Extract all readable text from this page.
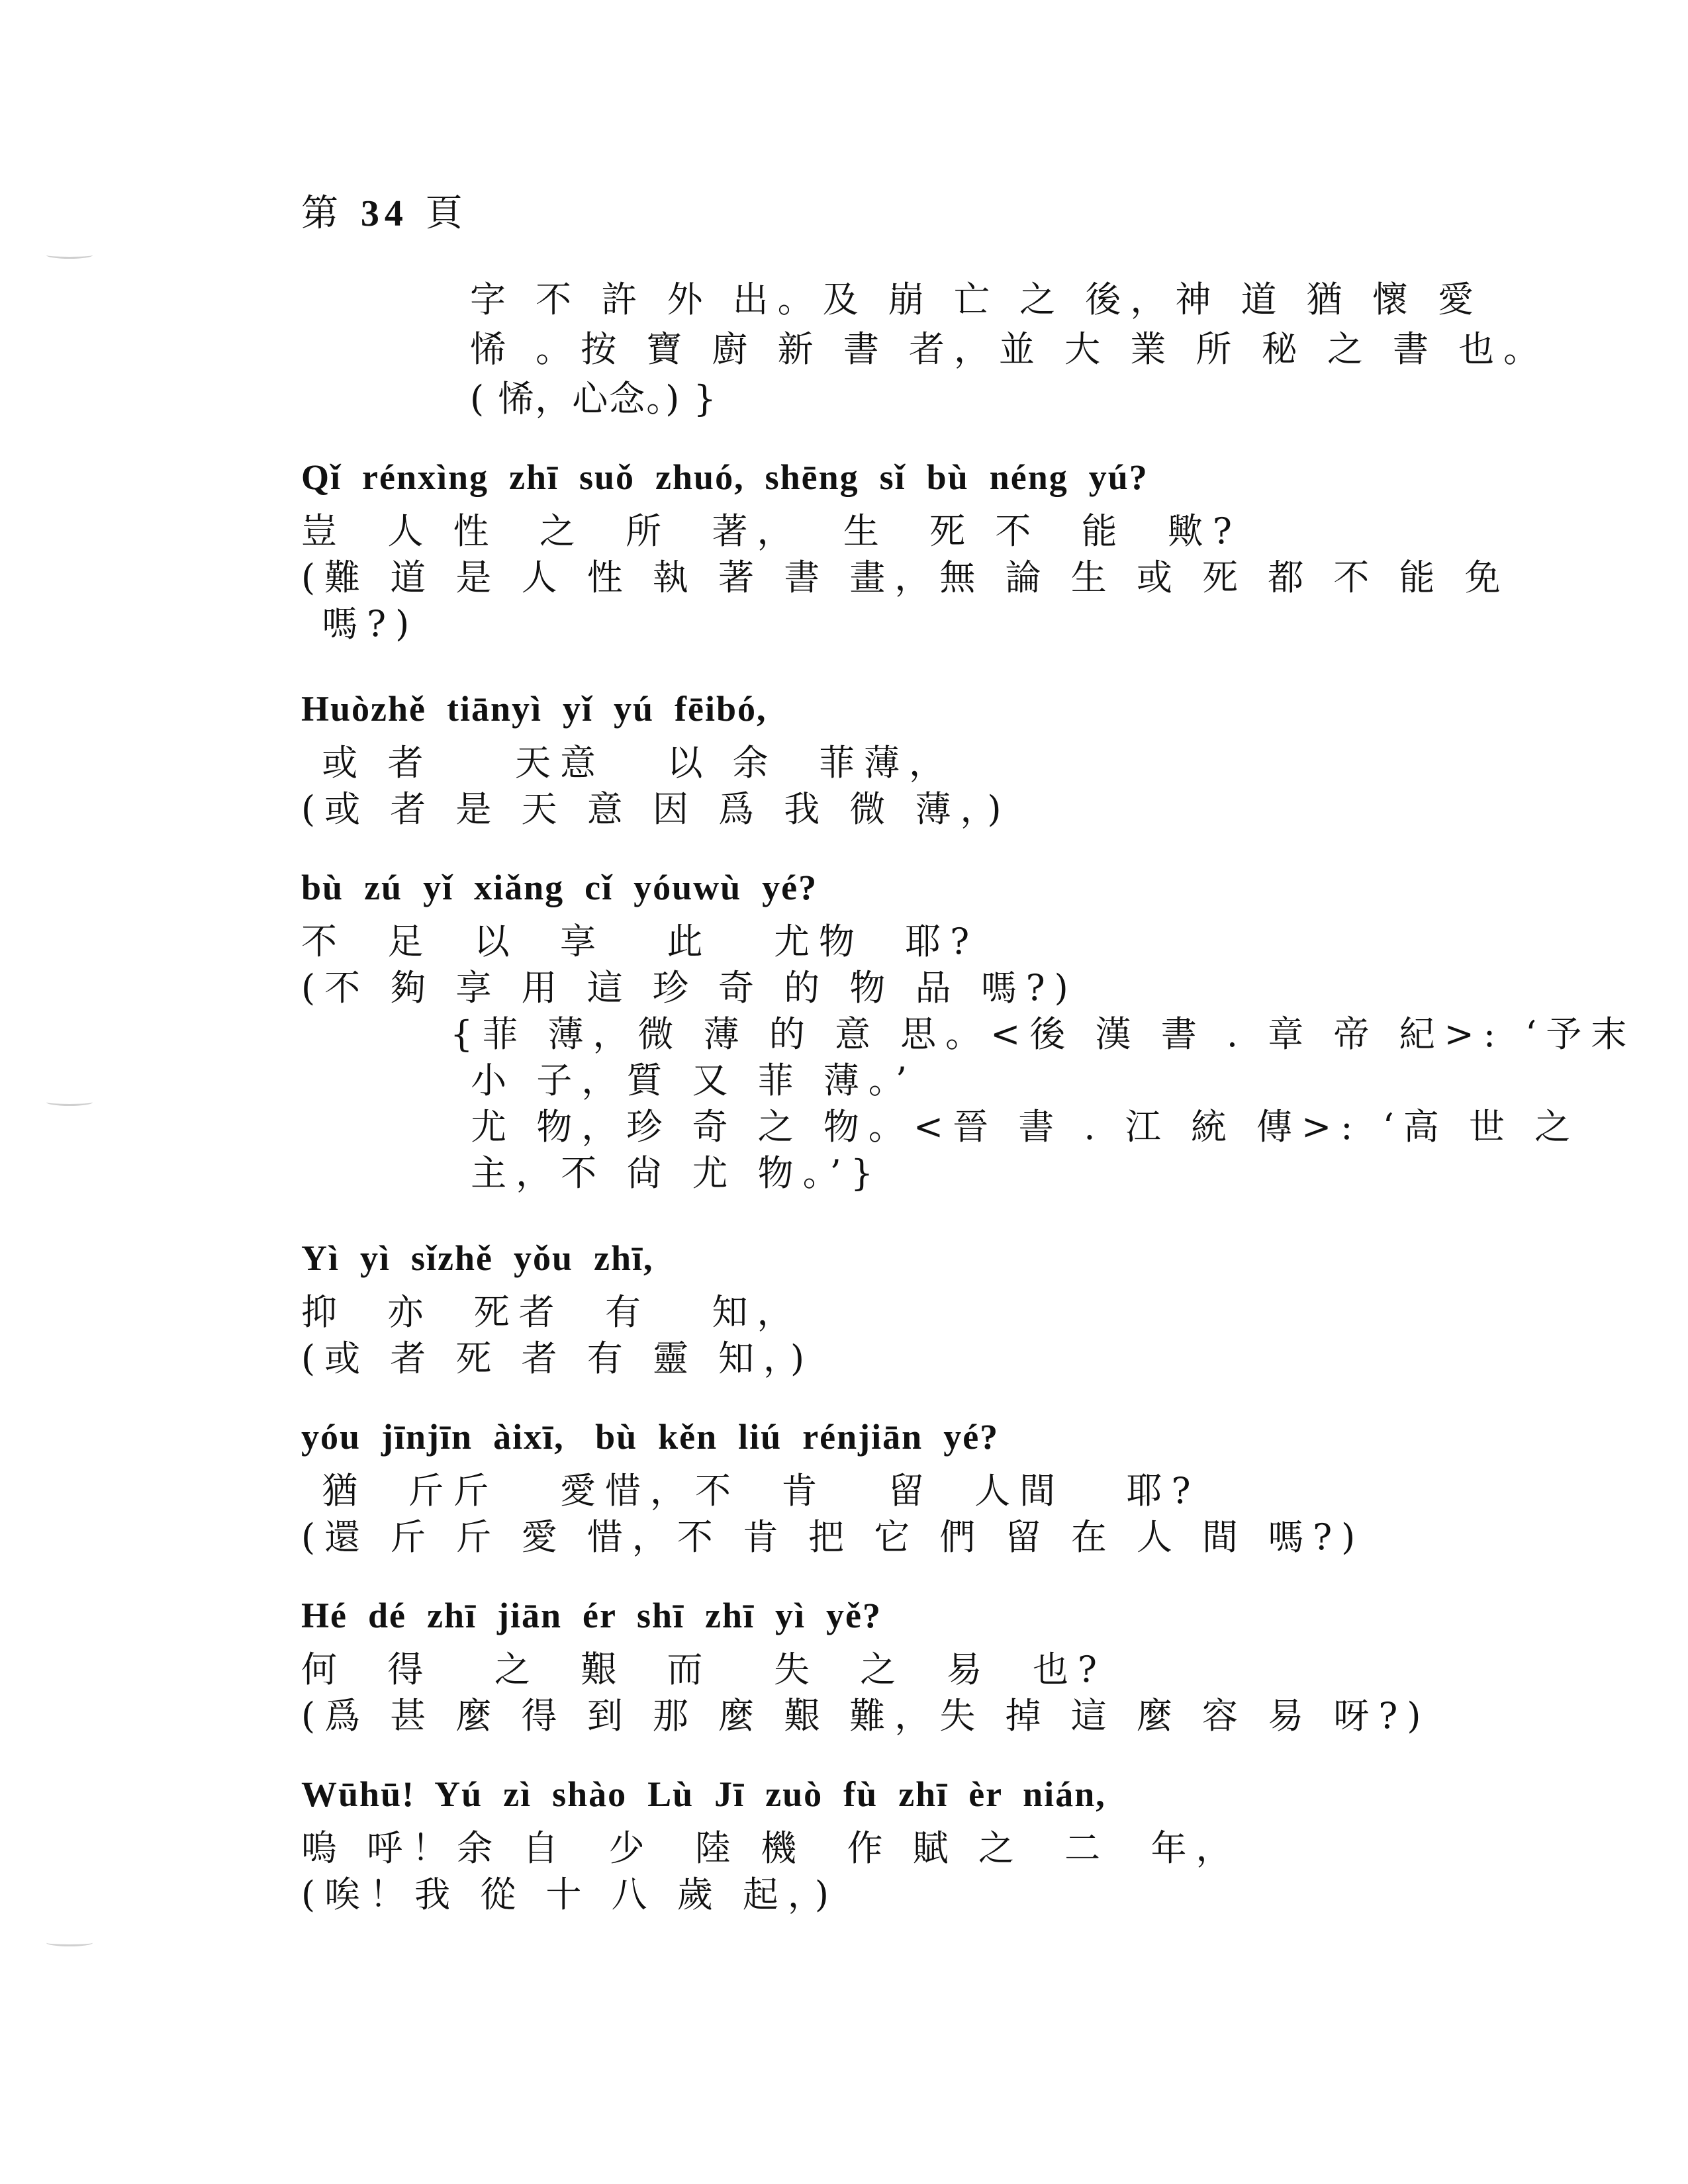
第 34 頁
字 不 許 外 出。及 崩 亡 之 後，神 道 猶 懷 愛
悕 。按 寶 廚 新 書 者，並 大 業 所 秘 之 書 也。
( 悕，心念。) }
Qǐ  rénxìng  zhī  suǒ  zhuó,  shēng  sǐ  bù  néng  yú?
豈  人 性  之  所  著，  生  死 不  能  歟?
(難 道 是 人 性 執 著 書 畫，無 論 生 或 死 都 不 能 免
嗎?)
Huòzhě  tiānyì  yǐ  yú  fēibó,
或 者    天意   以 余  菲薄，
(或 者 是 天 意 因 爲 我 微 薄，)
bù  zú  yǐ  xiǎng  cǐ  yóuwù  yé?
不  足  以  享   此   尤物  耶?
(不 夠 享 用 這 珍 奇 的 物 品 嗎?)
{菲 薄，微 薄 的 意 思。<後 漢 書 . 章 帝 紀>: ‘予末
小 子，質 又 菲 薄。’
尤 物，珍 奇 之 物。<晉 書 . 江 統 傳>: ‘高 世 之
主，不 尙 尤 物。’}
Yì  yì  sǐzhě  yǒu  zhī,
抑  亦  死者  有   知，
(或 者 死 者 有 靈 知，)
yóu  jīnjīn  àixī,   bù  kěn  liú  rénjiān  yé?
猶  斤斤   愛惜，不  肯   留  人間   耶?
(還 斤 斤 愛 惜，不 肯 把 它 們 留 在 人 間 嗎?)
Hé  dé  zhī  jiān  ér  shī  zhī  yì  yě?
何  得   之  艱  而   失  之  易  也?
(爲 甚 麼 得 到 那 麼 艱 難，失 掉 這 麼 容 易 呀?)
Wūhū!  Yú  zì  shào  Lù  Jī  zuò  fù  zhī  èr  nián,
嗚 呼！余 自  少  陸 機  作 賦 之  二  年，
(唉！我 從 十 八 歲 起，)
